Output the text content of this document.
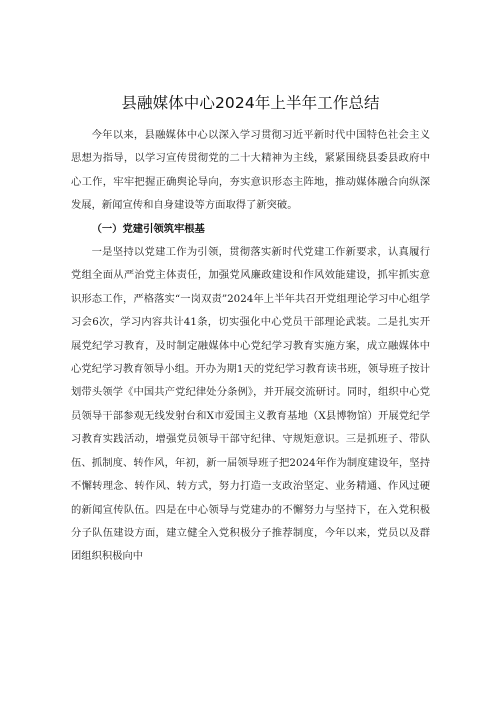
县融媒体中心2024年上半年工作总结

今年以来，县融媒体中心以深入学习贯彻习近平新时代中国特色社会主义思想为指导，以学习宣传贯彻党的二十大精神为主线，紧紧围绕县委县政府中心工作，牢牢把握正确舆论导向，夯实意识形态主阵地，推动媒体融合向纵深发展，新闻宣传和自身建设等方面取得了新突破。

（一）党建引领筑牢根基

一是坚持以党建工作为引领，贯彻落实新时代党建工作新要求，认真履行党组全面从严治党主体责任，加强党风廉政建设和作风效能建设，抓牢抓实意识形态工作，严格落实“一岗双责”2024年上半年共召开党组理论学习中心组学习会6次，学习内容共计41条，切实强化中心党员干部理论武装。二是扎实开展党纪学习教育，及时制定融媒体中心党纪学习教育实施方案，成立融媒体中心党纪学习教育领导小组。开办为期1天的党纪学习教育读书班，领导班子按计划带头领学《中国共产党纪律处分条例》，并开展交流研讨。同时，组织中心党员领导干部参观无线发射台和X市爱国主义教育基地（X县博物馆）开展党纪学习教育实践活动，增强党员领导干部守纪律、守规矩意识。三是抓班子、带队伍、抓制度、转作风，年初，新一届领导班子把2024年作为制度建设年，坚持不懈转理念、转作风、转方式，努力打造一支政治坚定、业务精通、作风过硬的新闻宣传队伍。四是在中心领导与党建办的不懈努力与坚持下，在入党积极分子队伍建设方面，建立健全入党积极分子推荐制度，今年以来，党员以及群团组织积极向中
